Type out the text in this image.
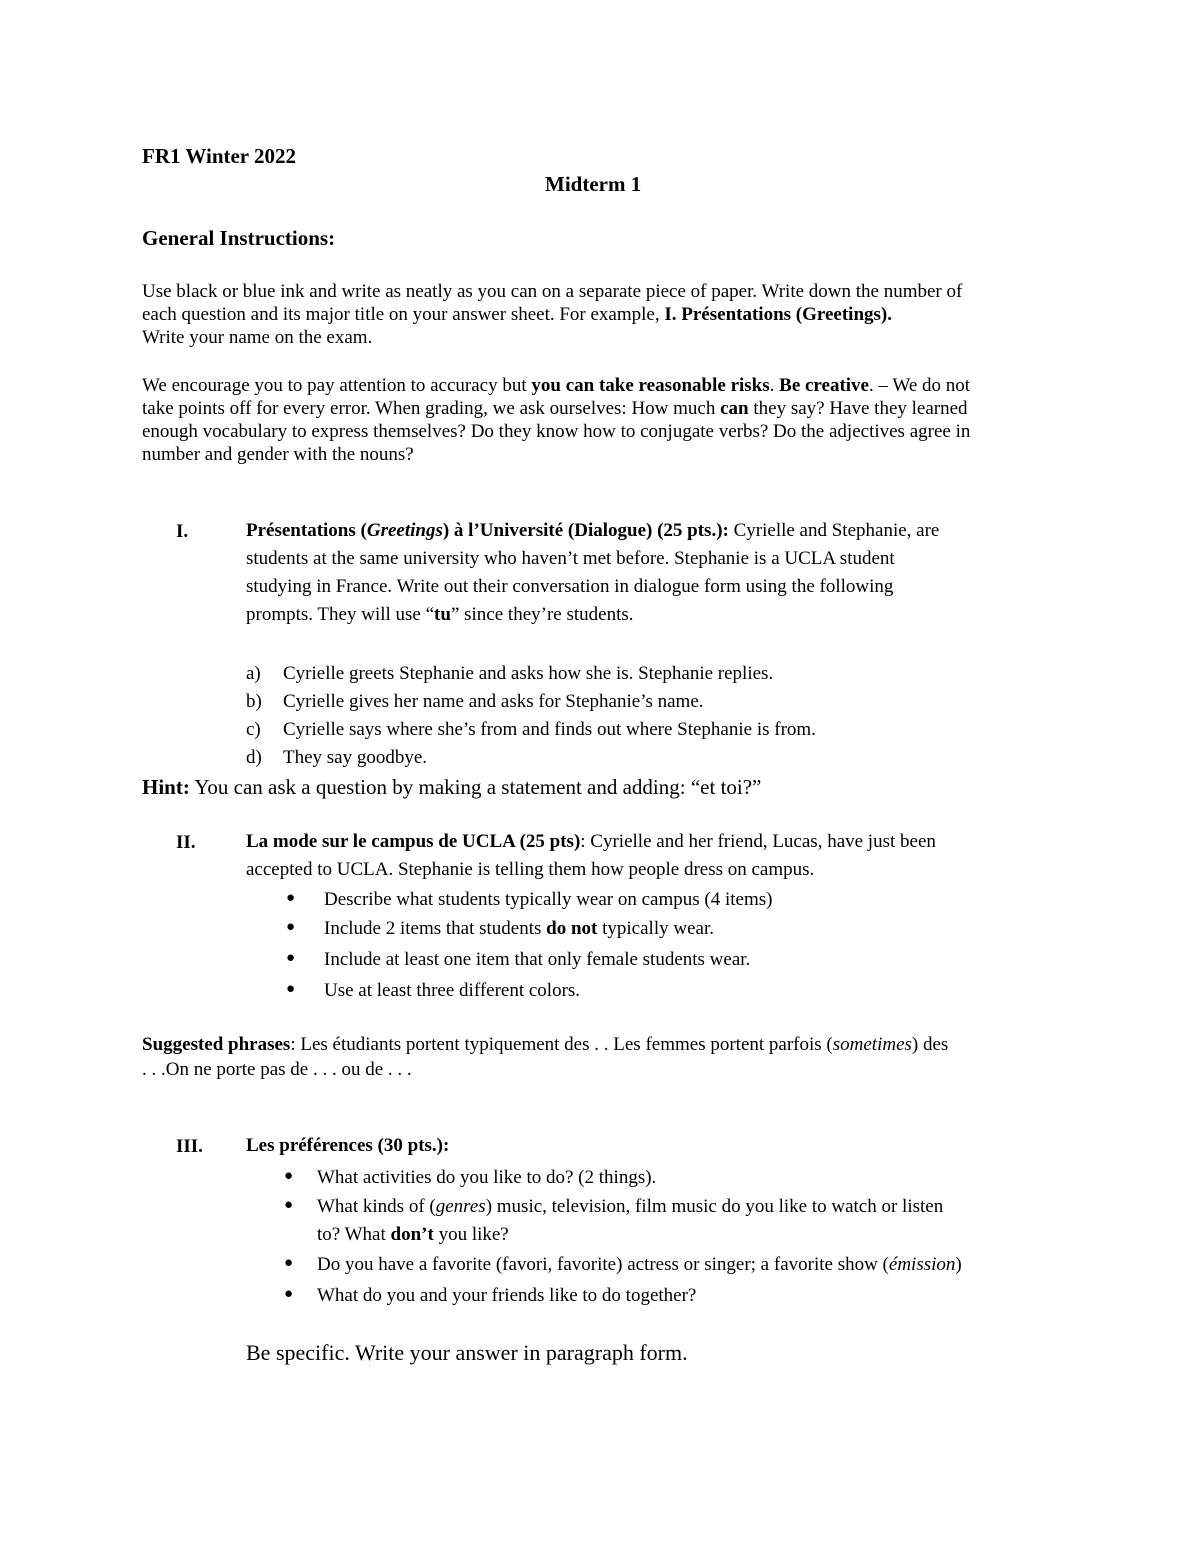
FR1 Winter 2022
Midterm 1
General Instructions:
Use black or blue ink and write as neatly as you can on a separate piece of paper. Write down the number of
each question and its major title on your answer sheet. For example, I. Présentations (Greetings).
Write your name on the exam.
We encourage you to pay attention to accuracy but you can take reasonable risks. Be creative. – We do not
take points off for every error. When grading, we ask ourselves: How much can they say? Have they learned
enough vocabulary to express themselves? Do they know how to conjugate verbs? Do the adjectives agree in
number and gender with the nouns?
I.	Présentations (Greetings) à l’Université (Dialogue) (25 pts.): Cyrielle and Stephanie, are
students at the same university who haven’t met before. Stephanie is a UCLA student
studying in France. Write out their conversation in dialogue form using the following
prompts. They will use “tu” since they’re students.
a) Cyrielle greets Stephanie and asks how she is. Stephanie replies.
b) Cyrielle gives her name and asks for Stephanie’s name.
c) Cyrielle says where she’s from and finds out where Stephanie is from.
d) They say goodbye.
Hint: You can ask a question by making a statement and adding: “et toi?”
II.	La mode sur le campus de UCLA (25 pts): Cyrielle and her friend, Lucas, have just been
accepted to UCLA. Stephanie is telling them how people dress on campus.
● Describe what students typically wear on campus (4 items)
● Include 2 items that students do not typically wear.
● Include at least one item that only female students wear.
● Use at least three different colors.
Suggested phrases: Les étudiants portent typiquement des . . Les femmes portent parfois (sometimes) des
. . .On ne porte pas de . . . ou de . . .
III. Les préférences (30 pts.):
● What activities do you like to do? (2 things).
● What kinds of (genres) music, television, film music do you like to watch or listen
to? What don’t you like?
● Do you have a favorite (favori, favorite) actress or singer; a favorite show (émission)
● What do you and your friends like to do together?
Be specific. Write your answer in paragraph form.
